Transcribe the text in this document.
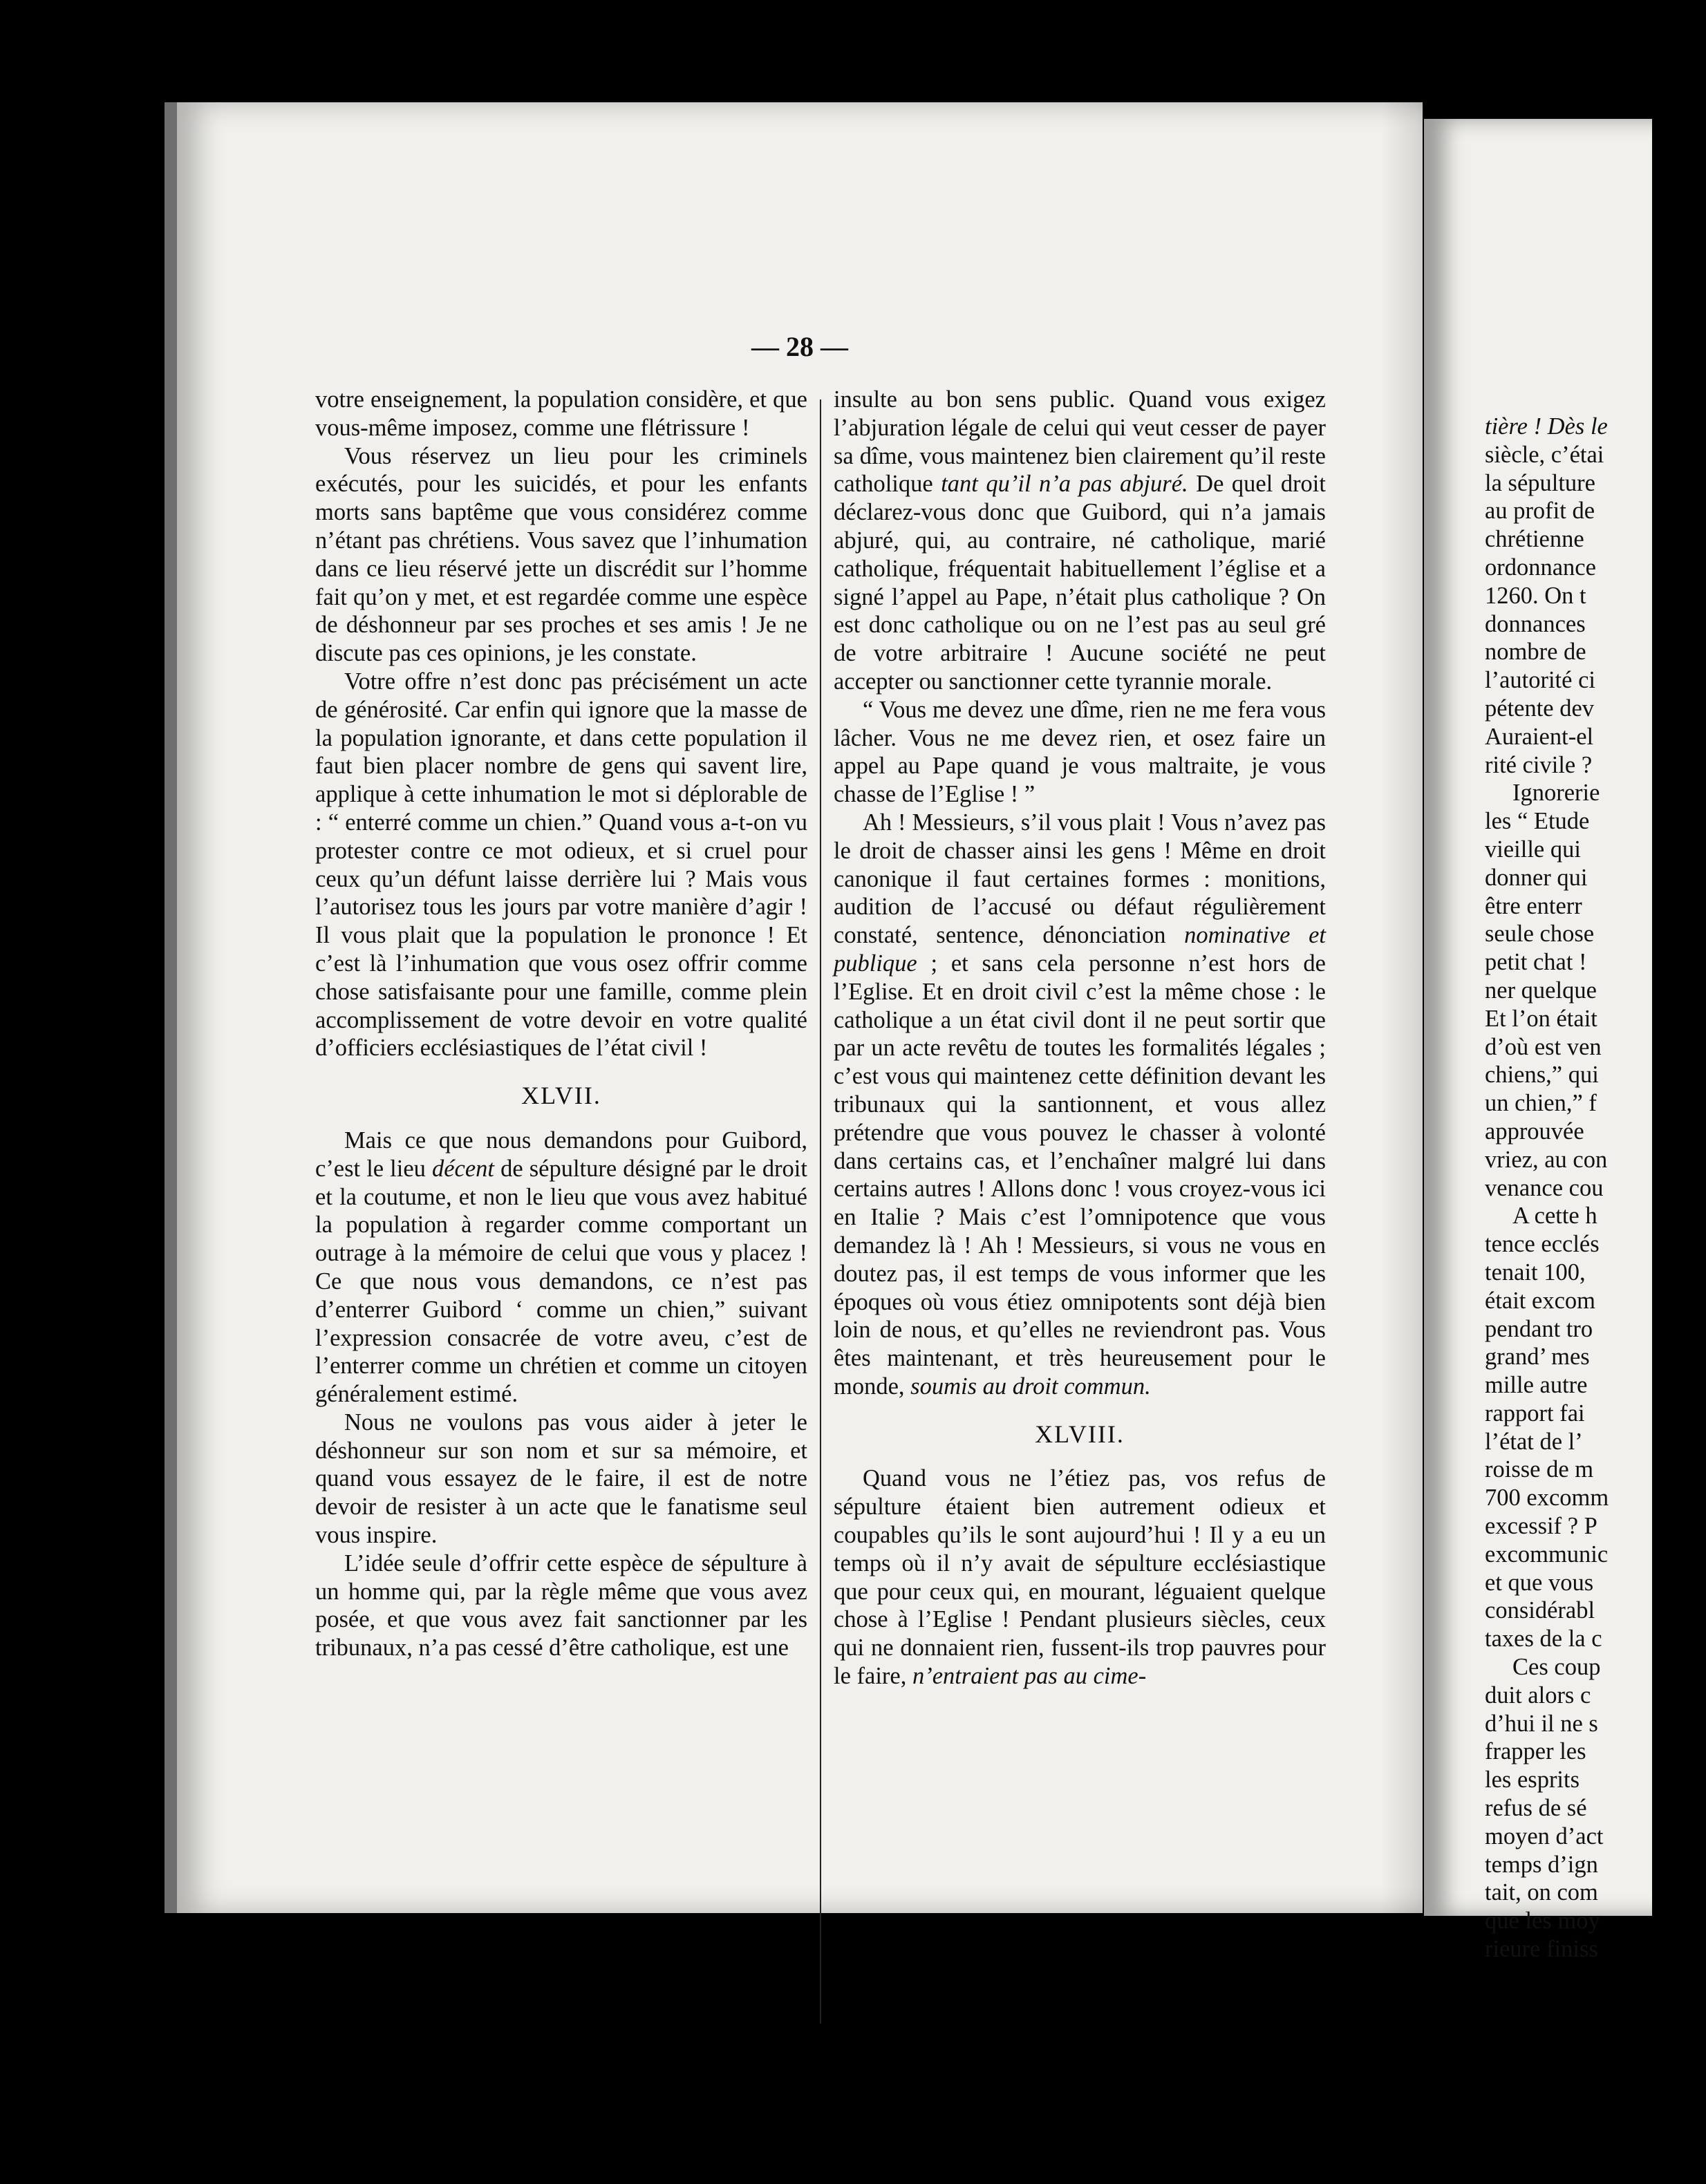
— 28 —

votre enseignement, la population considère, et que vous-même imposez, comme une flétrissure !

Vous réservez un lieu pour les criminels exécutés, pour les suicidés, et pour les enfants morts sans baptême que vous considérez comme n’étant pas chrétiens. Vous savez que l’inhumation dans ce lieu réservé jette un discrédit sur l’homme fait qu’on y met, et est regardée comme une espèce de déshonneur par ses proches et ses amis ! Je ne discute pas ces opinions, je les constate.

Votre offre n’est donc pas précisément un acte de générosité. Car enfin qui ignore que la masse de la population ignorante, et dans cette population il faut bien placer nombre de gens qui savent lire, applique à cette inhumation le mot si déplorable de : “ enterré comme un chien.” Quand vous a-t-on vu protester contre ce mot odieux, et si cruel pour ceux qu’un défunt laisse derrière lui ? Mais vous l’autorisez tous les jours par votre manière d’agir ! Il vous plait que la population le prononce ! Et c’est là l’inhumation que vous osez offrir comme chose satisfaisante pour une famille, comme plein accomplissement de votre devoir en votre qualité d’officiers ecclésiastiques de l’état civil !

XLVII.

Mais ce que nous demandons pour Guibord, c’est le lieu décent de sépulture désigné par le droit et la coutume, et non le lieu que vous avez habitué la population à regarder comme comportant un outrage à la mémoire de celui que vous y placez ! Ce que nous vous demandons, ce n’est pas d’enterrer Guibord ‘ comme un chien,” suivant l’expression consacrée de votre aveu, c’est de l’enterrer comme un chrétien et comme un citoyen généralement estimé.

Nous ne voulons pas vous aider à jeter le déshonneur sur son nom et sur sa mémoire, et quand vous essayez de le faire, il est de notre devoir de resister à un acte que le fanatisme seul vous inspire.

L’idée seule d’offrir cette espèce de sépulture à un homme qui, par la règle même que vous avez posée, et que vous avez fait sanctionner par les tribunaux, n’a pas cessé d’être catholique, est une

insulte au bon sens public. Quand vous exigez l’abjuration légale de celui qui veut cesser de payer sa dîme, vous maintenez bien clairement qu’il reste catholique tant qu’il n’a pas abjuré. De quel droit déclarez-vous donc que Guibord, qui n’a jamais abjuré, qui, au contraire, né catholique, marié catholique, fréquentait habituellement l’église et a signé l’appel au Pape, n’était plus catholique ? On est donc catholique ou on ne l’est pas au seul gré de votre arbitraire ! Aucune société ne peut accepter ou sanctionner cette tyrannie morale.

“ Vous me devez une dîme, rien ne me fera vous lâcher. Vous ne me devez rien, et osez faire un appel au Pape quand je vous maltraite, je vous chasse de l’Eglise ! ”

Ah ! Messieurs, s’il vous plait ! Vous n’avez pas le droit de chasser ainsi les gens ! Même en droit canonique il faut certaines formes : monitions, audition de l’accusé ou défaut régulièrement constaté, sentence, dénonciation nominative et publique ; et sans cela personne n’est hors de l’Eglise. Et en droit civil c’est la même chose : le catholique a un état civil dont il ne peut sortir que par un acte revêtu de toutes les formalités légales ; c’est vous qui maintenez cette définition devant les tribunaux qui la santionnent, et vous allez prétendre que vous pouvez le chasser à volonté dans certains cas, et l’enchaîner malgré lui dans certains autres ! Allons donc ! vous croyez-vous ici en Italie ? Mais c’est l’omnipotence que vous demandez là ! Ah ! Messieurs, si vous ne vous en doutez pas, il est temps de vous informer que les époques où vous étiez omnipotents sont déjà bien loin de nous, et qu’elles ne reviendront pas. Vous êtes maintenant, et très heureusement pour le monde, soumis au droit commun.

XLVIII.

Quand vous ne l’étiez pas, vos refus de sépulture étaient bien autrement odieux et coupables qu’ils le sont aujourd’hui ! Il y a eu un temps où il n’y avait de sépulture ecclésiastique que pour ceux qui, en mourant, léguaient quelque chose à l’Eglise ! Pendant plusieurs siècles, ceux qui ne donnaient rien, fussent-ils trop pauvres pour le faire, n’entraient pas au cime-

tière ! Dès le
siècle, c’étai
la sépulture
au profit de
chrétienne
ordonnance
1260. On t
donnances
nombre de
l’autorité ci
pétente dev
Auraient-el
rité civile ?
Ignorerie
les “ Etude
vieille qui
donner qui
être enterr
seule chose
petit chat !
ner quelque
Et l’on était
d’où est ven
chiens,” qui
un chien,” f
approuvée
vriez, au con
venance cou
A cette h
tence ecclés
tenait 100,
était excom
pendant tro
grand’ mes
mille autre
rapport fai
l’état de l’
roisse de m
700 excomm
excessif ? P
excommunic
et que vous
considérabl
taxes de la c
Ces coup
duit alors c
d’hui il ne s
frapper les
les esprits
refus de sé
moyen d’act
temps d’ign
tait, on com
que les moy
rieure finiss
